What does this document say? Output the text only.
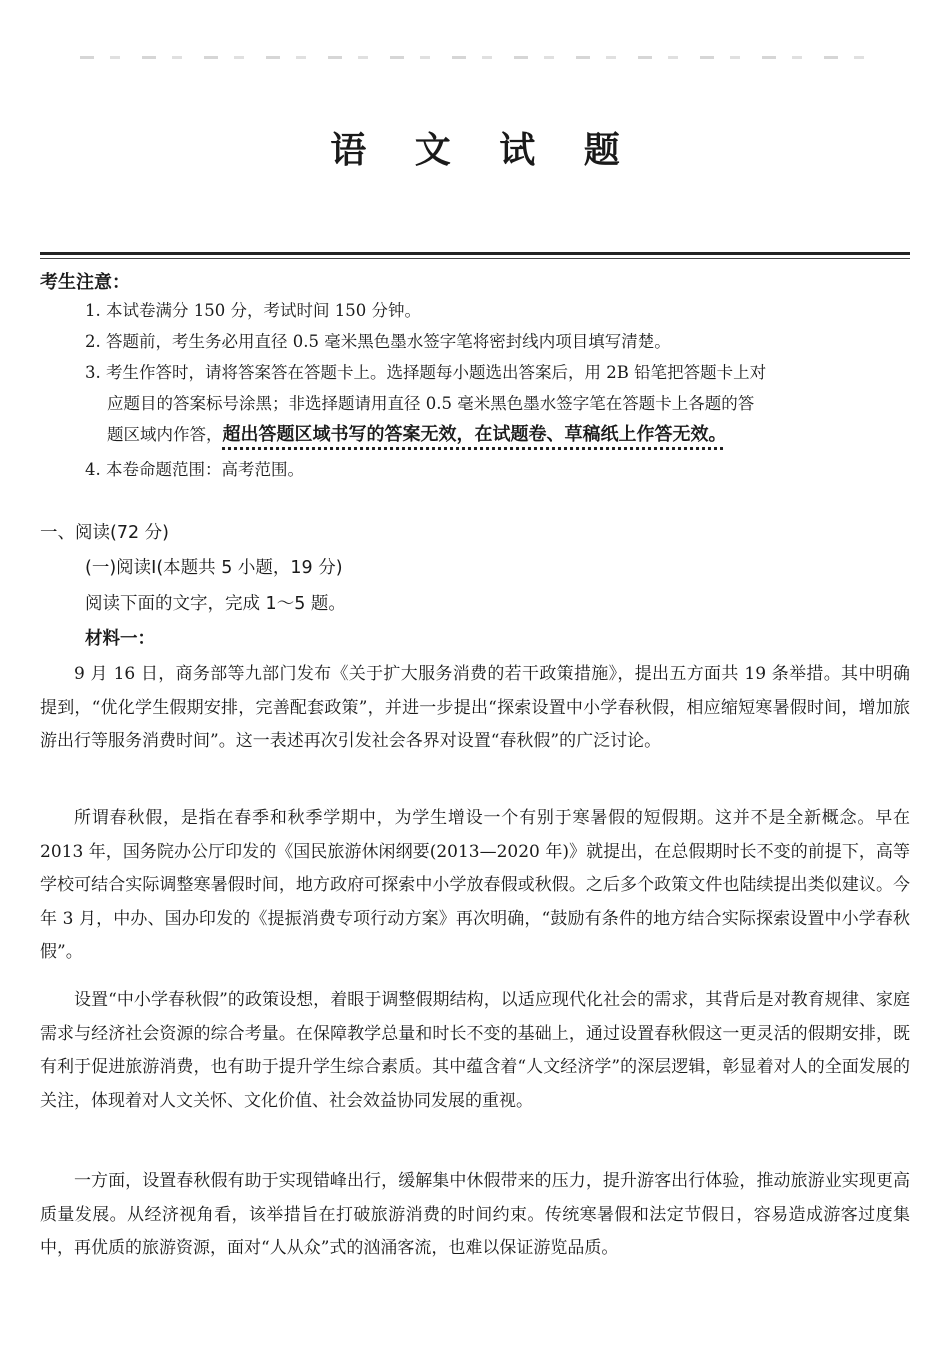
语 文 试 题
考生注意：
1. 本试卷满分 150 分，考试时间 150 分钟。
2. 答题前，考生务必用直径 0.5 毫米黑色墨水签字笔将密封线内项目填写清楚。
3. 考生作答时，请将答案答在答题卡上。选择题每小题选出答案后，用 2B 铅笔把答题卡上对
应题目的答案标号涂黑；非选择题请用直径 0.5 毫米黑色墨水签字笔在答题卡上各题的答
题区域内作答，超出答题区域书写的答案无效，在试题卷、草稿纸上作答无效。
4. 本卷命题范围：高考范围。
一、阅读(72 分)
(一)阅读Ⅰ(本题共 5 小题，19 分)
阅读下面的文字，完成 1～5 题。
材料一：
9 月 16 日，商务部等九部门发布《关于扩大服务消费的若干政策措施》，提出五方面共 19 条举措。其中明确提到，“优化学生假期安排，完善配套政策”，并进一步提出“探索设置中小学春秋假，相应缩短寒暑假时间，增加旅游出行等服务消费时间”。这一表述再次引发社会各界对设置“春秋假”的广泛讨论。
所谓春秋假，是指在春季和秋季学期中，为学生增设一个有别于寒暑假的短假期。这并不是全新概念。早在 2013 年，国务院办公厅印发的《国民旅游休闲纲要(2013—2020 年)》就提出，在总假期时长不变的前提下，高等学校可结合实际调整寒暑假时间，地方政府可探索中小学放春假或秋假。之后多个政策文件也陆续提出类似建议。今年 3 月，中办、国办印发的《提振消费专项行动方案》再次明确，“鼓励有条件的地方结合实际探索设置中小学春秋假”。
设置“中小学春秋假”的政策设想，着眼于调整假期结构，以适应现代化社会的需求，其背后是对教育规律、家庭需求与经济社会资源的综合考量。在保障教学总量和时长不变的基础上，通过设置春秋假这一更灵活的假期安排，既有利于促进旅游消费，也有助于提升学生综合素质。其中蕴含着“人文经济学”的深层逻辑，彰显着对人的全面发展的关注，体现着对人文关怀、文化价值、社会效益协同发展的重视。
一方面，设置春秋假有助于实现错峰出行，缓解集中休假带来的压力，提升游客出行体验，推动旅游业实现更高质量发展。从经济视角看，该举措旨在打破旅游消费的时间约束。传统寒暑假和法定节假日，容易造成游客过度集中，再优质的旅游资源，面对“人从众”式的汹涌客流，也难以保证游览品质。
